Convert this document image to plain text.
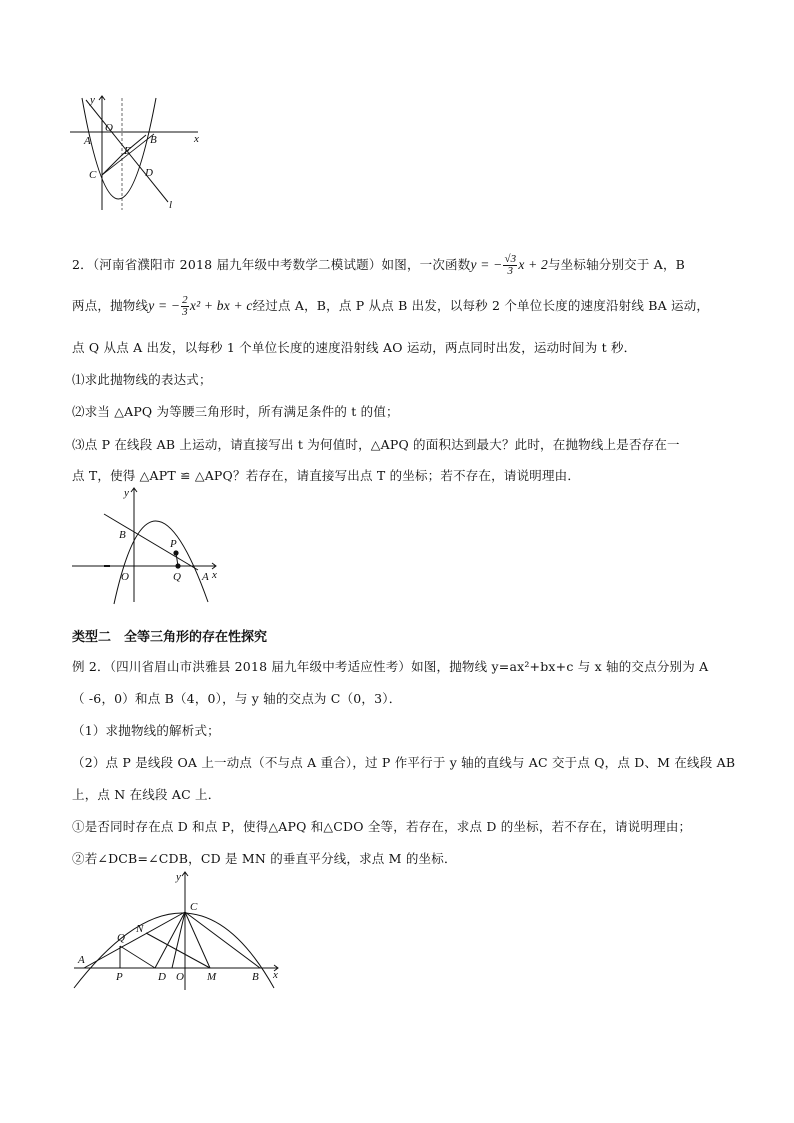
y
x
O
A	B
C	D
E
l
2．（河南省濮阳市 2018 届九年级中考数学二模试题）如图，一次函数y = − $\frac{√3}{3}$ x + 2与坐标轴分别交于 A，B
两点，抛物线y = − $\frac{2}{3} x^2$ + bx + c经过点 A，B，点 P 从点 B 出发，以每秒 2 个单位长度的速度沿射线 BA 运动，
点 Q 从点 A 出发，以每秒 1 个单位长度的速度沿射线 AO 运动，两点同时出发，运动时间为 t 秒．
⑴求此抛物线的表达式；
⑵求当 △APQ 为等腰三角形时，所有满足条件的 t 的值；
⑶点 P 在线段 AB 上运动，请直接写出 t 为何值时，△APQ 的面积达到最大？此时，在抛物线上是否存在一
点 T，使得 △APT ≌ △APQ？若存在，请直接写出点 T 的坐标；若不存在，请说明理由．
y
x
O
B
P
Q A
类型二　全等三角形的存在性探究
例 2．（四川省眉山市洪雅县 2018 届九年级中考适应性考）如图，抛物线 y=ax²+bx+c 与 x 轴的交点分别为 A
（ -6，0）和点 B（4，0），与 y 轴的交点为 C（0，3）．
（1）求抛物线的解析式；
（2）点 P 是线段 OA 上一动点（不与点 A 重合），过 P 作平行于 y 轴的直线与 AC 交于点 Q，点 D、M 在线段 AB
上，点 N 在线段 AC 上．
①是否同时存在点 D 和点 P，使得△APQ 和△CDO 全等，若存在，求点 D 的坐标，若不存在，请说明理由；
②若∠DCB=∠CDB，CD 是 MN 的垂直平分线，求点 M 的坐标．
y
x
C
Q
N
A
P	D O M	B
